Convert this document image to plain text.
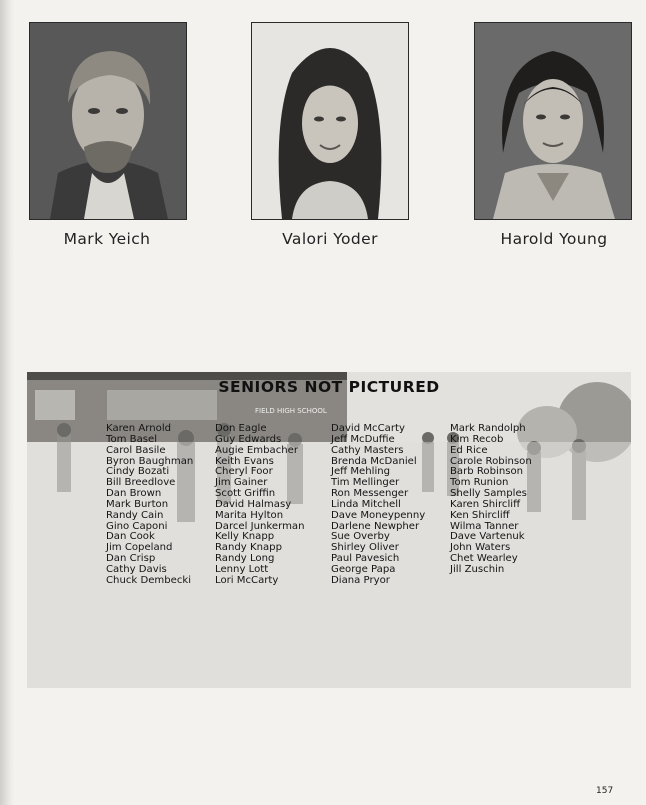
Mark Yeich	Valori Yoder	Harold Young
FIELD HIGH SCHOOL
SENIORS NOT PICTURED
Karen Arnold
Tom Basel
Carol Basile
Byron Baughman
Cindy Bozati
Bill Breedlove
Dan Brown
Mark Burton
Randy Cain
Gino Caponi
Dan Cook
Jim Copeland
Dan Crisp
Cathy Davis
Chuck Dembecki
Don Eagle
Guy Edwards
Augie Embacher
Keith Evans
Cheryl Foor
Jim Gainer
Scott Griffin
David Halmasy
Marita Hylton
Darcel Junkerman
Kelly Knapp
Randy Knapp
Randy Long
Lenny Lott
Lori McCarty
David McCarty
Jeff McDuffie
Cathy Masters
Brenda McDaniel
Jeff Mehling
Tim Mellinger
Ron Messenger
Linda Mitchell
Dave Moneypenny
Darlene Newpher
Sue Overby
Shirley Oliver
Paul Pavesich
George Papa
Diana Pryor
Mark Randolph
Kim Recob
Ed Rice
Carole Robinson
Barb Robinson
Tom Runion
Shelly Samples
Karen Shircliff
Ken Shircliff
Wilma Tanner
Dave Vartenuk
John Waters
Chet Wearley
Jill Zuschin
157
